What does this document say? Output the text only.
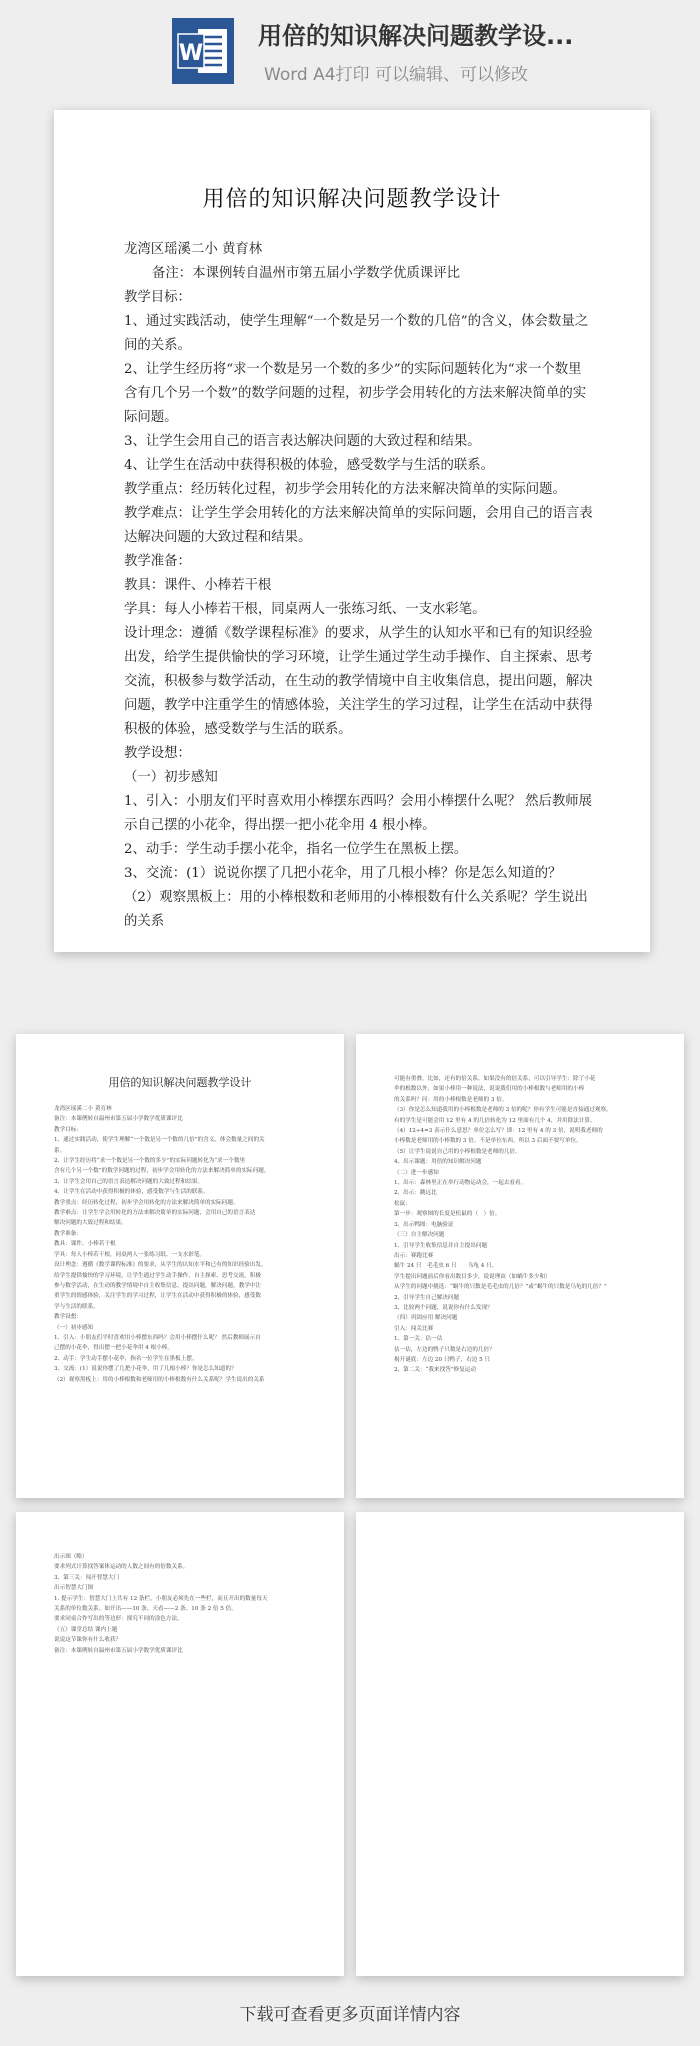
W
用倍的知识解决问题教学设...
Word A4打印 可以编辑、可以修改
用倍的知识解决问题教学设计

龙湾区瑶溪二小 黄育林

备注：本课例转自温州市第五届小学数学优质课评比

教学目标：

1、通过实践活动，使学生理解“一个数是另一个数的几倍”的含义，体会数量之间的关系。

2、让学生经历将“求一个数是另一个数的多少”的实际问题转化为“求一个数里含有几个另一个数”的数学问题的过程，初步学会用转化的方法来解决简单的实际问题。

3、让学生会用自己的语言表达解决问题的大致过程和结果。

4、让学生在活动中获得积极的体验，感受数学与生活的联系。

教学重点：经历转化过程，初步学会用转化的方法来解决简单的实际问题。

教学难点：让学生学会用转化的方法来解决简单的实际问题，会用自己的语言表达解决问题的大致过程和结果。

教学准备：

教具：课件、小棒若干根

学具：每人小棒若干根，同桌两人一张练习纸、一支水彩笔。

设计理念：遵循《数学课程标准》的要求，从学生的认知水平和已有的知识经验出发，给学生提供愉快的学习环境，让学生通过学生动手操作、自主探索、思考交流，积极参与数学活动，在生动的教学情境中自主收集信息，提出问题，解决问题，教学中注重学生的情感体验，关注学生的学习过程，让学生在活动中获得积极的体验，感受数学与生活的联系。

教学设想：

（一）初步感知

1、引入：小朋友们平时喜欢用小棒摆东西吗？会用小棒摆什么呢？ 然后教师展示自己摆的小花伞，得出摆一把小花伞用 4 根小棒。

2、动手：学生动手摆小花伞，指名一位学生在黑板上摆。

3、交流：(1）说说你摆了几把小花伞，用了几根小棒？你是怎么知道的？

（2）观察黑板上：用的小棒根数和老师用的小棒根数有什么关系呢？学生说出的关系

用倍的知识解决问题教学设计

龙湾区瑶溪二小 黄育林

备注：本课例转自温州市第五届小学数学优质课评比

教学目标：

1、通过实践活动，使学生理解“一个数是另一个数的几倍”的含义，体会数量之间的关

系。

2、让学生经历将“求一个数是另一个数的多少”的实际问题转化为“求一个数里

含有几个另一个数”的数学问题的过程，初步学会用转化的方法来解决简单的实际问题。

3、让学生会用自己的语言表达解决问题的大致过程和结果。

4、让学生在活动中获得积极的体验，感受数学与生活的联系。

教学重点：经历转化过程，初步学会用转化的方法来解决简单的实际问题。

教学难点：让学生学会用转化的方法来解决简单的实际问题，会用自己的语言表达

解决问题的大致过程和结果。

教学准备：

教具：课件、小棒若干根

学具：每人小棒若干根，同桌两人一张练习纸、一支水彩笔。

设计理念：遵循《数学课程标准》的要求，从学生的认知水平和已有的知识经验出发，

给学生提供愉快的学习环境，让学生通过学生动手操作、自主探索、思考交流，积极

参与数学活动，在生动的教学情境中自主收集信息，提出问题，解决问题，教学中注

重学生的情感体验，关注学生的学习过程，让学生在活动中获得积极的体验，感受数

学与生活的联系。

教学设想：

（一）初步感知

1、引入：小朋友们平时喜欢用小棒摆东西吗？会用小棒摆什么呢？ 然后教师展示自

己摆的小花伞，得出摆一把小花伞用 4 根小棒。

2、动手：学生动手摆小花伞，指名一位学生在黑板上摆。

3、交流：(1）说说你摆了几把小花伞，用了几根小棒？你是怎么知道的？

（2）观察黑板上：用的小棒根数和老师用的小棒根数有什么关系呢？学生说出的关系

可能有重叠，比如，还有的倍关系。如果没有的倍关系，可以引导学生：除了小花

伞的根数以外，如果小棒用一种说法，说说我们用的小棒根数与老师用的小棒

的关系吗？问：用的小棒根数是老师的 3 倍。

（3）你是怎么知道我用的小棒根数是老师的 3 倍的呢？你有学生可能是直接通过观察，

有的学生是可能会用 12 里有 4 的几倍转化为 12 里面有几个 4，并用除法计算。

（4）12÷4=3 表示什么意思？单位怎么写？即：12 里有 4 的 3 倍，说明我老师的

小棒数是老师用的小棒数的 3 倍。不是单位东西，所以 3 后面不要写单位。

（5）让学生说说自己用的小棒根数是老师的几倍。

4、出示课题：用倍的知识解决问题

（二）进一步感知

1、出示：森林里正在举行动物运动会，一起去看看。

2、出示：跳远比

松鼠：

第一步：观察图的长度是松鼠的（　）倍。

3、出示鸭图：电脑验证

（三）自主解决问题

1、引导学生收集信息并自主提出问题

出示：赛跑比赛

蜗牛 24 只　毛毛虫 6 只　　乌龟 4 只。

学生提出问题前后你看出数目多少，说说理由（如蜗牛多少和）

从学生的问题中挑选：“蜗牛的只数是毛毛虫的几倍？”或“蜗牛的只数是乌龟的几倍？”

2、引导学生自己解决问题

3、比较两个问题，说说你有什么发现？

（四）巩固应用 解决问题

引入：闯关比赛

1、第一关：估一估

估一估，左边的鸭子只数是右边的几倍？

揭开谜底：左边 20 只鸭子，右边 5 只

2、第二关：“我来找答”修复运动

出示图（略）

要求列式计算找答案体运动的人数之间有的倍数关系。

3、第三关：闯开智慧大门

出示智慧大门图

1. 提示学生：智慧大门上共有 12 条栏，小朋友必须先在一些栏，而且开出的数量每天

关系的单位数关系。如开出——10 条、天看——2 条、10 条 2 倍 5 倍。

要求同桌合作写出的等边形：探究不同的涂色方法。

（五）课堂总结 课内上题

说说这节课你有什么收获？

备注：本课例转自温州市第五届小学数学优质课评比

下载可查看更多页面详情内容
